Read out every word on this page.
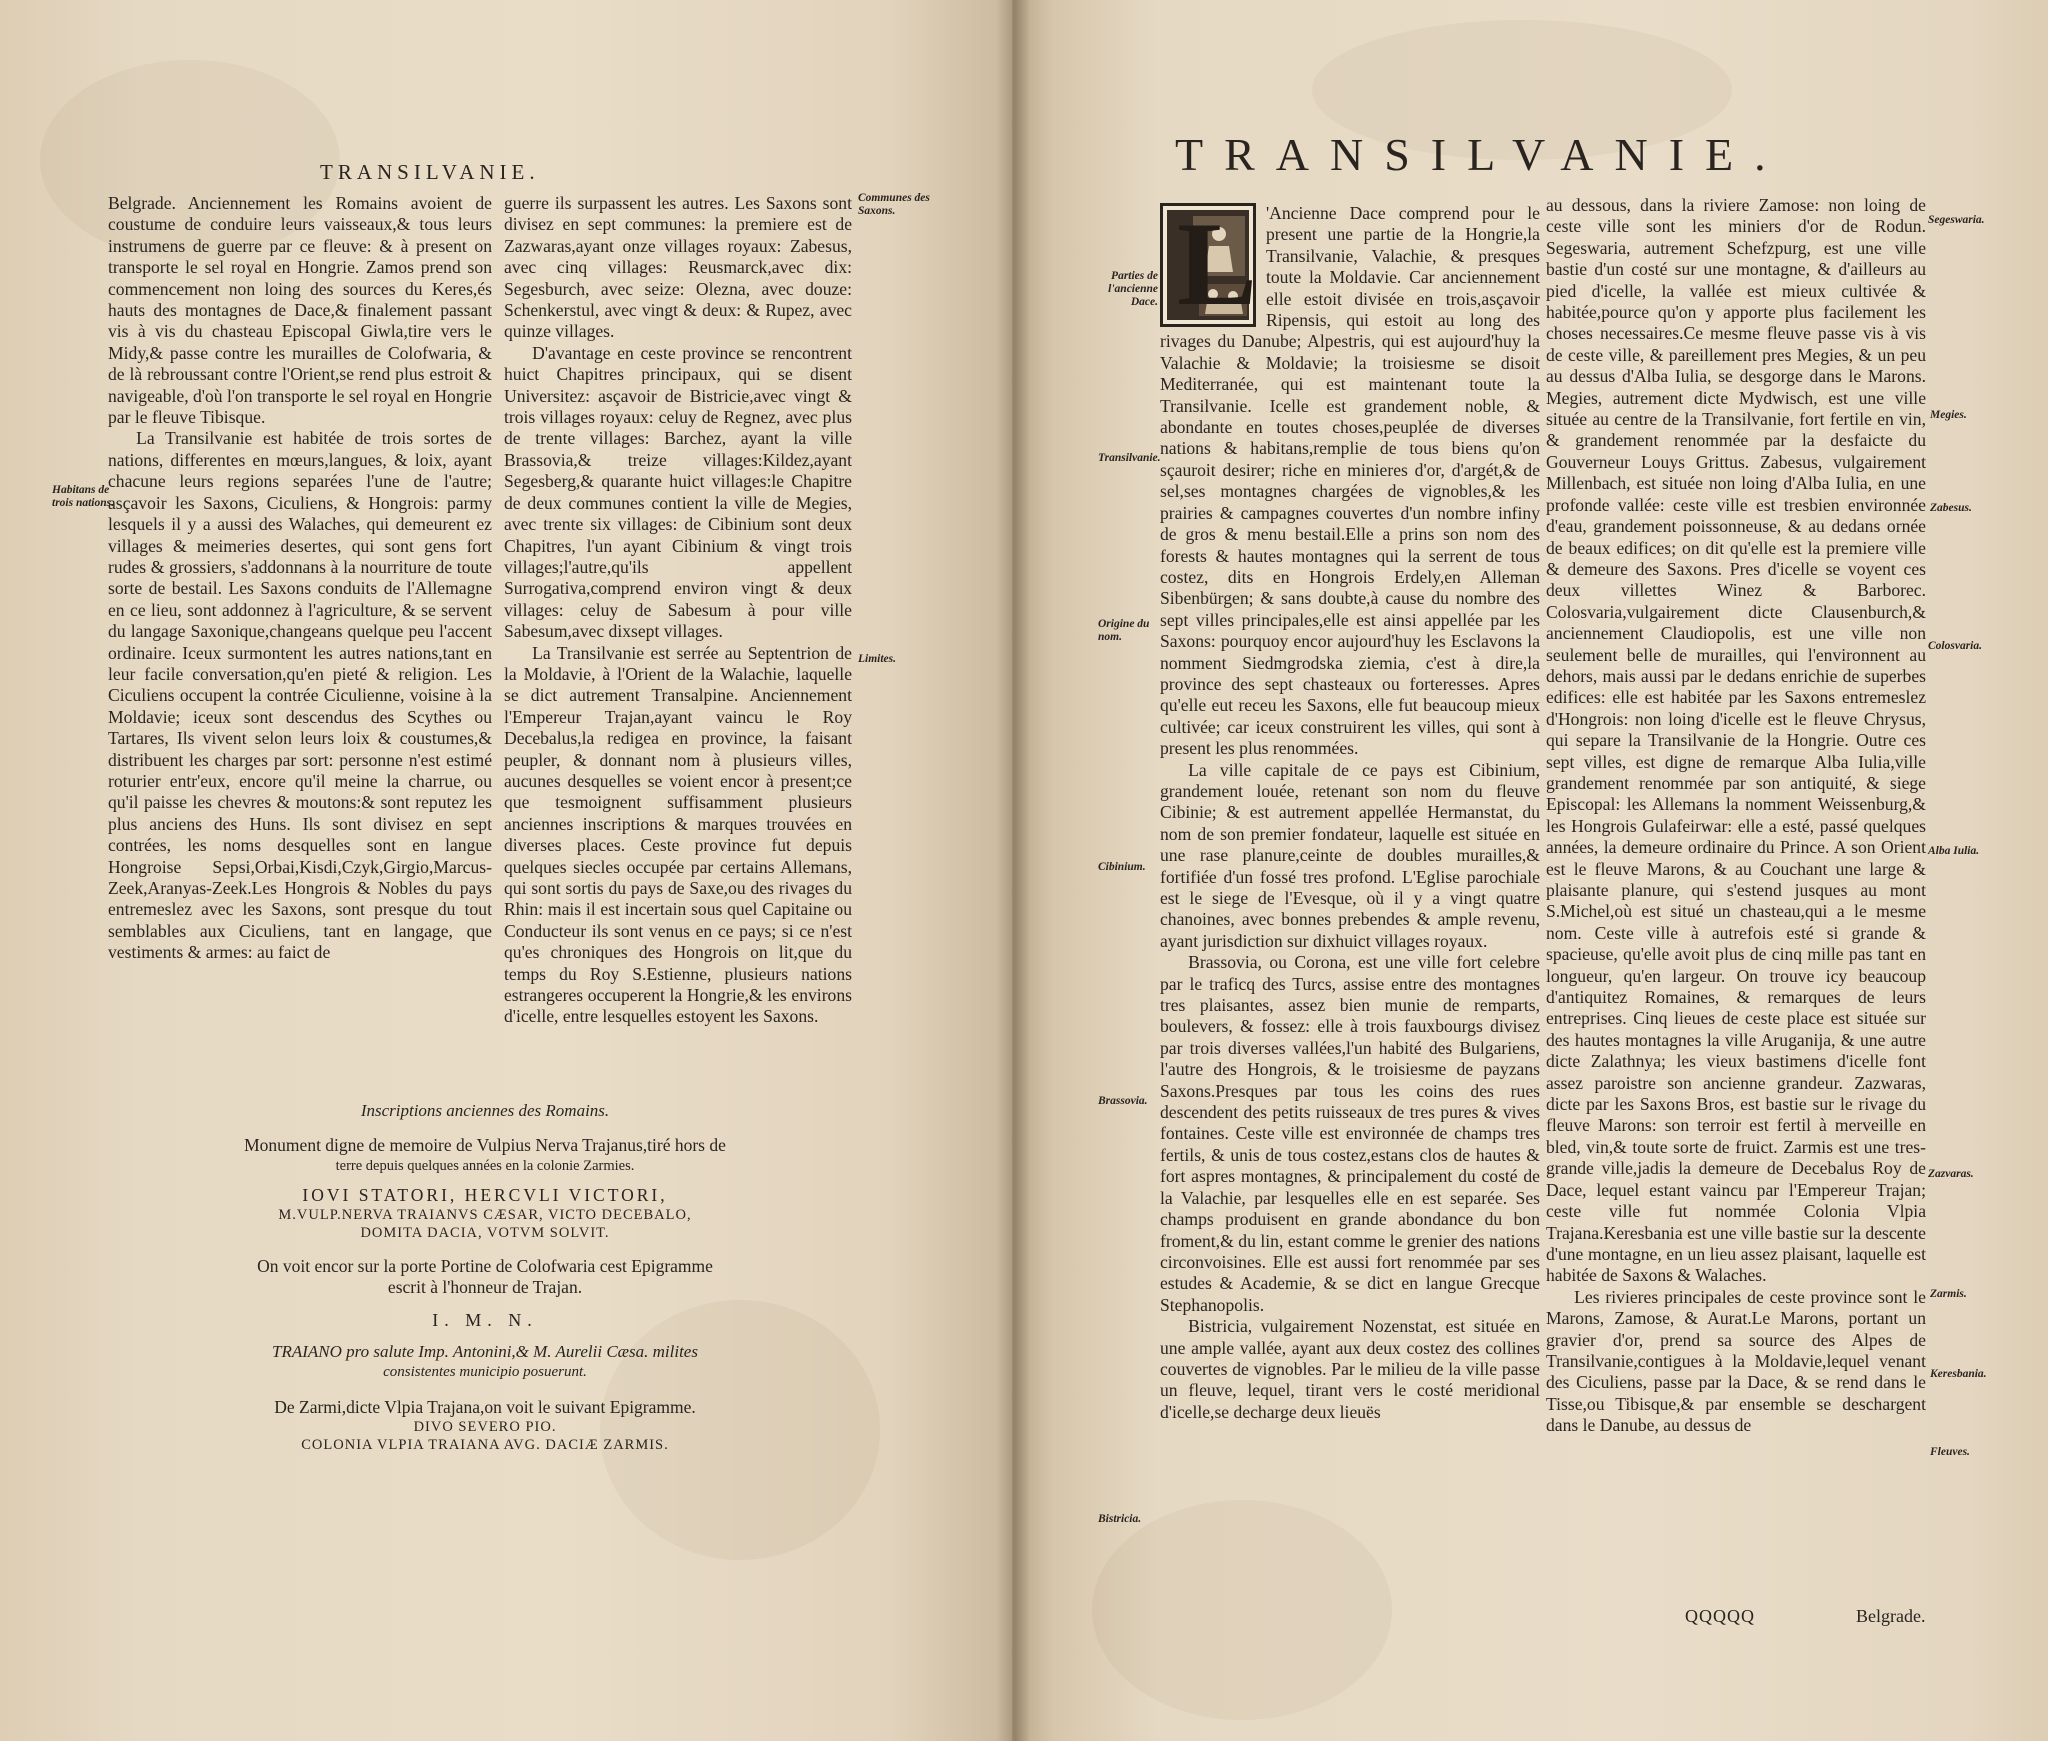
TRANSILVANIE.
Habitans de trois nations.
Communes des Saxons.
Limites.

Belgrade. Anciennement les Romains avoient de coustume de conduire leurs vaisseaux,& tous leurs instrumens de guerre par ce fleuve: & à present on transporte le sel royal en Hongrie. Zamos prend son commencement non loing des sources du Keres,és hauts des montagnes de Dace,& finalement passant vis à vis du chasteau Episcopal Giwla,tire vers le Midy,& passe contre les murailles de Colofwaria, & de là rebroussant contre l'Orient,se rend plus estroit & navigeable, d'où l'on transporte le sel royal en Hongrie par le fleuve Tibisque.

La Transilvanie est habitée de trois sortes de nations, differentes en mœurs,langues, & loix, ayant chacune leurs regions separées l'une de l'autre; asçavoir les Saxons, Ciculiens, & Hongrois: parmy lesquels il y a aussi des Walaches, qui demeurent ez villages & meimeries desertes, qui sont gens fort rudes & grossiers, s'addonnans à la nourriture de toute sorte de bestail. Les Saxons conduits de l'Allemagne en ce lieu, sont addonnez à l'agriculture, & se servent du langage Saxonique,changeans quelque peu l'accent ordinaire. Iceux surmontent les autres nations,tant en leur facile conversation,qu'en pieté & religion. Les Ciculiens occupent la contrée Ciculienne, voisine à la Moldavie; iceux sont descendus des Scythes ou Tartares, Ils vivent selon leurs loix & coustumes,& distribuent les charges par sort: personne n'est estimé roturier entr'eux, encore qu'il meine la charrue, ou qu'il paisse les chevres & moutons:& sont reputez les plus anciens des Huns. Ils sont divisez en sept contrées, les noms desquelles sont en langue Hongroise Sepsi,Orbai,Kisdi,Czyk,Girgio,Marcus-Zeek,Aranyas-Zeek.Les Hongrois & Nobles du pays entremeslez avec les Saxons, sont presque du tout semblables aux Ciculiens, tant en langage, que vestiments & armes: au faict de

guerre ils surpassent les autres. Les Saxons sont divisez en sept communes: la premiere est de Zazwaras,ayant onze villages royaux: Zabesus, avec cinq villages: Reusmarck,avec dix: Segesburch, avec seize: Olezna, avec douze: Schenkerstul, avec vingt & deux: & Rupez, avec quinze villages.

D'avantage en ceste province se rencontrent huict Chapitres principaux, qui se disent Universitez: asçavoir de Bistricie,avec vingt & trois villages royaux: celuy de Regnez, avec plus de trente villages: Barchez, ayant la ville Brassovia,& treize villages:Kildez,ayant Segesberg,& quarante huict villages:le Chapitre de deux communes contient la ville de Megies, avec trente six villages: de Cibinium sont deux Chapitres, l'un ayant Cibinium & vingt trois villages;l'autre,qu'ils appellent Surrogativa,comprend environ vingt & deux villages: celuy de Sabesum à pour ville Sabesum,avec dixsept villages.

La Transilvanie est serrée au Septentrion de la Moldavie, à l'Orient de la Walachie, laquelle se dict autrement Transalpine. Anciennement l'Empereur Trajan,ayant vaincu le Roy Decebalus,la redigea en province, la faisant peupler, & donnant nom à plusieurs villes, aucunes desquelles se voient encor à present;ce que tesmoignent suffisamment plusieurs anciennes inscriptions & marques trouvées en diverses places. Ceste province fut depuis quelques siecles occupée par certains Allemans, qui sont sortis du pays de Saxe,ou des rivages du Rhin: mais il est incertain sous quel Capitaine ou Conducteur ils sont venus en ce pays; si ce n'est qu'es chroniques des Hongrois on lit,que du temps du Roy S.Estienne, plusieurs nations estrangeres occuperent la Hongrie,& les environs d'icelle, entre lesquelles estoyent les Saxons.

Inscriptions anciennes des Romains.

Monument digne de memoire de Vulpius Nerva Trajanus,tiré hors de

terre depuis quelques années en la colonie Zarmies.

IOVI STATORI, HERCVLI VICTORI,

M.VULP.NERVA TRAIANVS CÆSAR, VICTO DECEBALO,

DOMITA DACIA, VOTVM SOLVIT.

On voit encor sur la porte Portine de Colofwaria cest Epigramme

escrit à l'honneur de Trajan.

I. M. N.

TRAIANO pro salute Imp. Antonini,& M. Aurelii Cæsa. milites

consistentes municipio posuerunt.

De Zarmi,dicte Vlpia Trajana,on voit le suivant Epigramme.

DIVO SEVERO PIO.

COLONIA VLPIA TRAIANA AVG. DACIÆ ZARMIS.

TRANSILVANIE.
Parties de l'ancienne Dace.
Transilvanie.
Origine du nom.
Cibinium.
Brassovia.
Bistricia.
Segeswaria.
Megies.
Zabesus.
Colosvaria.
Alba Iulia.
Zazvaras.
Zarmis.
Keresbania.
Fleuves.
L 'Ancienne Dace comprend pour le present une partie de la Hongrie,la Transilvanie, Valachie, & presques toute la Moldavie. Car anciennement elle estoit divisée en trois,asçavoir Ripensis, qui estoit au long des rivages du Danube; Alpestris, qui est aujourd'huy la Valachie & Moldavie; la troisiesme se disoit Mediterranée, qui est maintenant toute la Transilvanie. Icelle est grandement noble, & abondante en toutes choses,peuplée de diverses nations & habitans,remplie de tous biens qu'on sçauroit desirer; riche en minieres d'or, d'argét,& de sel,ses montagnes chargées de vignobles,& les prairies & campagnes couvertes d'un nombre infiny de gros & menu bestail.Elle a prins son nom des forests & hautes montagnes qui la serrent de tous costez, dits en Hongrois Erdely,en Alleman Sibenbürgen; & sans doubte,à cause du nombre des sept villes principales,elle est ainsi appellée par les Saxons: pourquoy encor aujourd'huy les Esclavons la nomment Siedmgrodska ziemia, c'est à dire,la province des sept chasteaux ou forteresses. Apres qu'elle eut receu les Saxons, elle fut beaucoup mieux cultivée; car iceux construirent les villes, qui sont à present les plus renommées.

La ville capitale de ce pays est Cibinium, grandement louée, retenant son nom du fleuve Cibinie; & est autrement appellée Hermanstat, du nom de son premier fondateur, laquelle est située en une rase planure,ceinte de doubles murailles,& fortifiée d'un fossé tres profond. L'Eglise parochiale est le siege de l'Evesque, où il y a vingt quatre chanoines, avec bonnes prebendes & ample revenu, ayant jurisdiction sur dixhuict villages royaux.

Brassovia, ou Corona, est une ville fort celebre par le traficq des Turcs, assise entre des montagnes tres plaisantes, assez bien munie de remparts, boulevers, & fossez: elle à trois fauxbourgs divisez par trois diverses vallées,l'un habité des Bulgariens, l'autre des Hongrois, & le troisiesme de payzans Saxons.Presques par tous les coins des rues descendent des petits ruisseaux de tres pures & vives fontaines. Ceste ville est environnée de champs tres fertils, & unis de tous costez,estans clos de hautes & fort aspres montagnes, & principalement du costé de la Valachie, par lesquelles elle en est separée. Ses champs produisent en grande abondance du bon froment,& du lin, estant comme le grenier des nations circonvoisines. Elle est aussi fort renommée par ses estudes & Academie, & se dict en langue Grecque Stephanopolis.

Bistricia, vulgairement Nozenstat, est située en une ample vallée, ayant aux deux costez des collines couvertes de vignobles. Par le milieu de la ville passe un fleuve, lequel, tirant vers le costé meridional d'icelle,se decharge deux lieuës

au dessous, dans la riviere Zamose: non loing de ceste ville sont les miniers d'or de Rodun. Segeswaria, autrement Schefzpurg, est une ville bastie d'un costé sur une montagne, & d'ailleurs au pied d'icelle, la vallée est mieux cultivée & habitée,pource qu'on y apporte plus facilement les choses necessaires.Ce mesme fleuve passe vis à vis de ceste ville, & pareillement pres Megies, & un peu au dessus d'Alba Iulia, se desgorge dans le Marons. Megies, autrement dicte Mydwisch, est une ville située au centre de la Transilvanie, fort fertile en vin, & grandement renommée par la desfaicte du Gouverneur Louys Grittus. Zabesus, vulgairement Millenbach, est située non loing d'Alba Iulia, en une profonde vallée: ceste ville est tresbien environnée d'eau, grandement poissonneuse, & au dedans ornée de beaux edifices; on dit qu'elle est la premiere ville & demeure des Saxons. Pres d'icelle se voyent ces deux villettes Winez & Barborec. Colosvaria,vulgairement dicte Clausenburch,& anciennement Claudiopolis, est une ville non seulement belle de murailles, qui l'environnent au dehors, mais aussi par le dedans enrichie de superbes edifices: elle est habitée par les Saxons entremeslez d'Hongrois: non loing d'icelle est le fleuve Chrysus, qui separe la Transilvanie de la Hongrie. Outre ces sept villes, est digne de remarque Alba Iulia,ville grandement renommée par son antiquité, & siege Episcopal: les Allemans la nomment Weissenburg,& les Hongrois Gulafeirwar: elle a esté, passé quelques années, la demeure ordinaire du Prince. A son Orient est le fleuve Marons, & au Couchant une large & plaisante planure, qui s'estend jusques au mont S.Michel,où est situé un chasteau,qui a le mesme nom. Ceste ville à autrefois esté si grande & spacieuse, qu'elle avoit plus de cinq mille pas tant en longueur, qu'en largeur. On trouve icy beaucoup d'antiquitez Romaines, & remarques de leurs entreprises. Cinq lieues de ceste place est située sur des hautes montagnes la ville Aruganija, & une autre dicte Zalathnya; les vieux bastimens d'icelle font assez paroistre son ancienne grandeur. Zazwaras, dicte par les Saxons Bros, est bastie sur le rivage du fleuve Marons: son terroir est fertil à merveille en bled, vin,& toute sorte de fruict. Zarmis est une tres-grande ville,jadis la demeure de Decebalus Roy de Dace, lequel estant vaincu par l'Empereur Trajan; ceste ville fut nommée Colonia Vlpia Trajana.Keresbania est une ville bastie sur la descente d'une montagne, en un lieu assez plaisant, laquelle est habitée de Saxons & Walaches.

Les rivieres principales de ceste province sont le Marons, Zamose, & Aurat.Le Marons, portant un gravier d'or, prend sa source des Alpes de Transilvanie,contigues à la Moldavie,lequel venant des Ciculiens, passe par la Dace, & se rend dans le Tisse,ou Tibisque,& par ensemble se deschargent dans le Danube, au dessus de

QQQQQ	Belgrade.
